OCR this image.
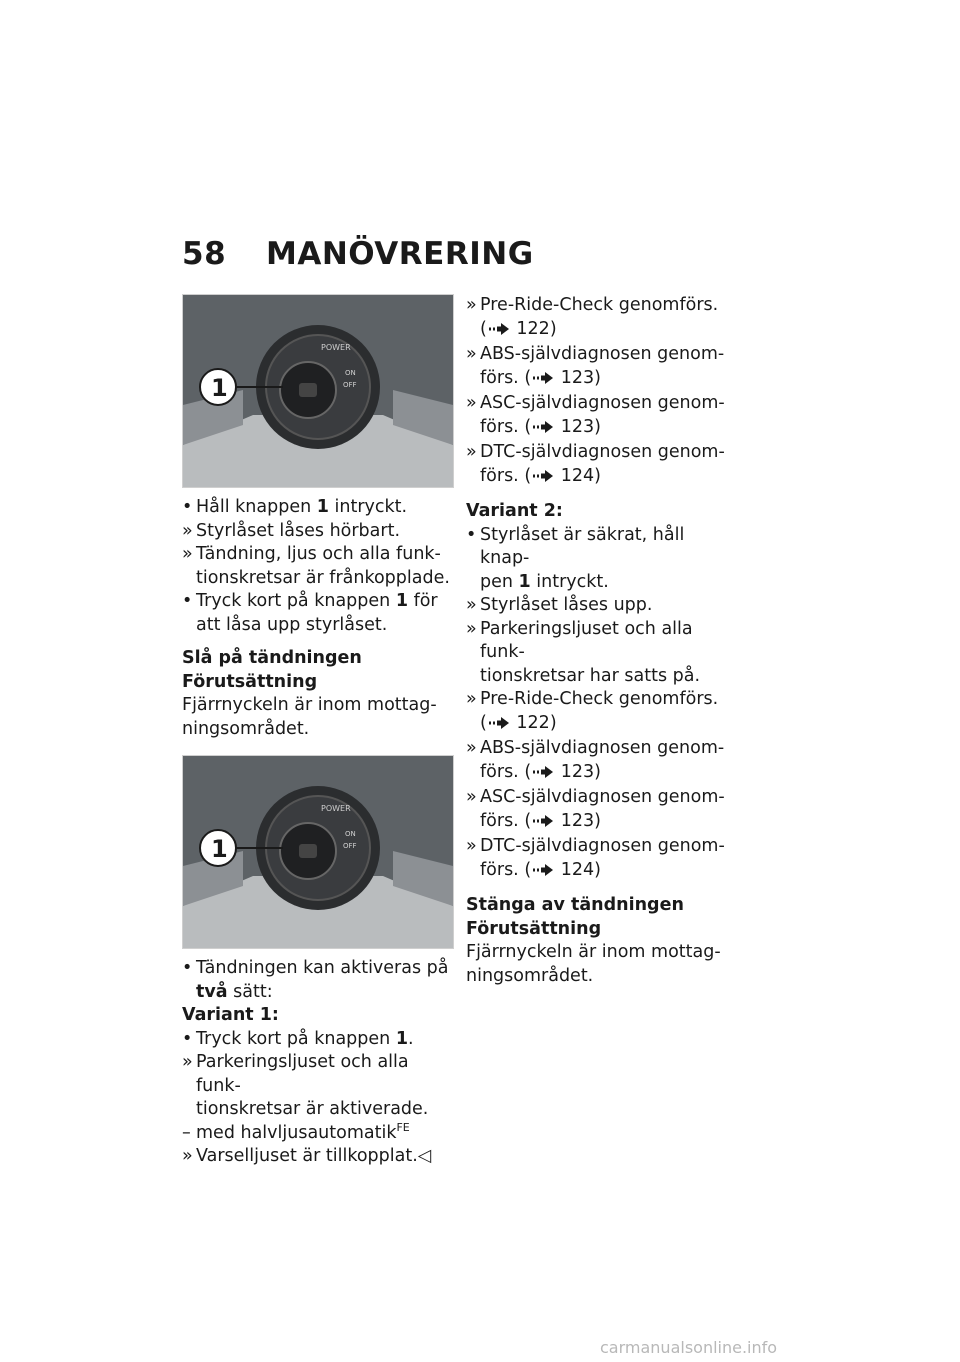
58 MANÖVRERING
POWER
ON
OFF
1
• Håll knappen 1 intryckt.
» Styrlåset låses hörbart.
» Tändning, ljus och alla funk-
tionskretsar är frånkopplade.
• Tryck kort på knappen 1 för
att låsa upp styrlåset.
Slå på tändningen
Förutsättning

Fjärrnyckeln är inom mottag-
ningsområdet.

POWER
ON
OFF
1
• Tändningen kan aktiveras på
två sätt:
Variant 1:
• Tryck kort på knappen 1.
» Parkeringsljuset och alla funk-
tionskretsar är aktiverade.
– med halvljusautomatik$^{FE}$
» Varselljuset är tillkopplat.◁
» Pre-Ride-Check genomförs.
( 122)
» ABS-självdiagnosen genom-
förs. ( 123)
» ASC-självdiagnosen genom-
förs. ( 123)
» DTC-självdiagnosen genom-
förs. ( 124)
Variant 2:
• Styrlåset är säkrat, håll knap-
pen 1 intryckt.
» Styrlåset låses upp.
» Parkeringsljuset och alla funk-
tionskretsar har satts på.
» Pre-Ride-Check genomförs.
( 122)
» ABS-självdiagnosen genom-
förs. ( 123)
» ASC-självdiagnosen genom-
förs. ( 123)
» DTC-självdiagnosen genom-
förs. ( 124)
Stänga av tändningen
Förutsättning

Fjärrnyckeln är inom mottag-
ningsområdet.

carmanualsonline.info
